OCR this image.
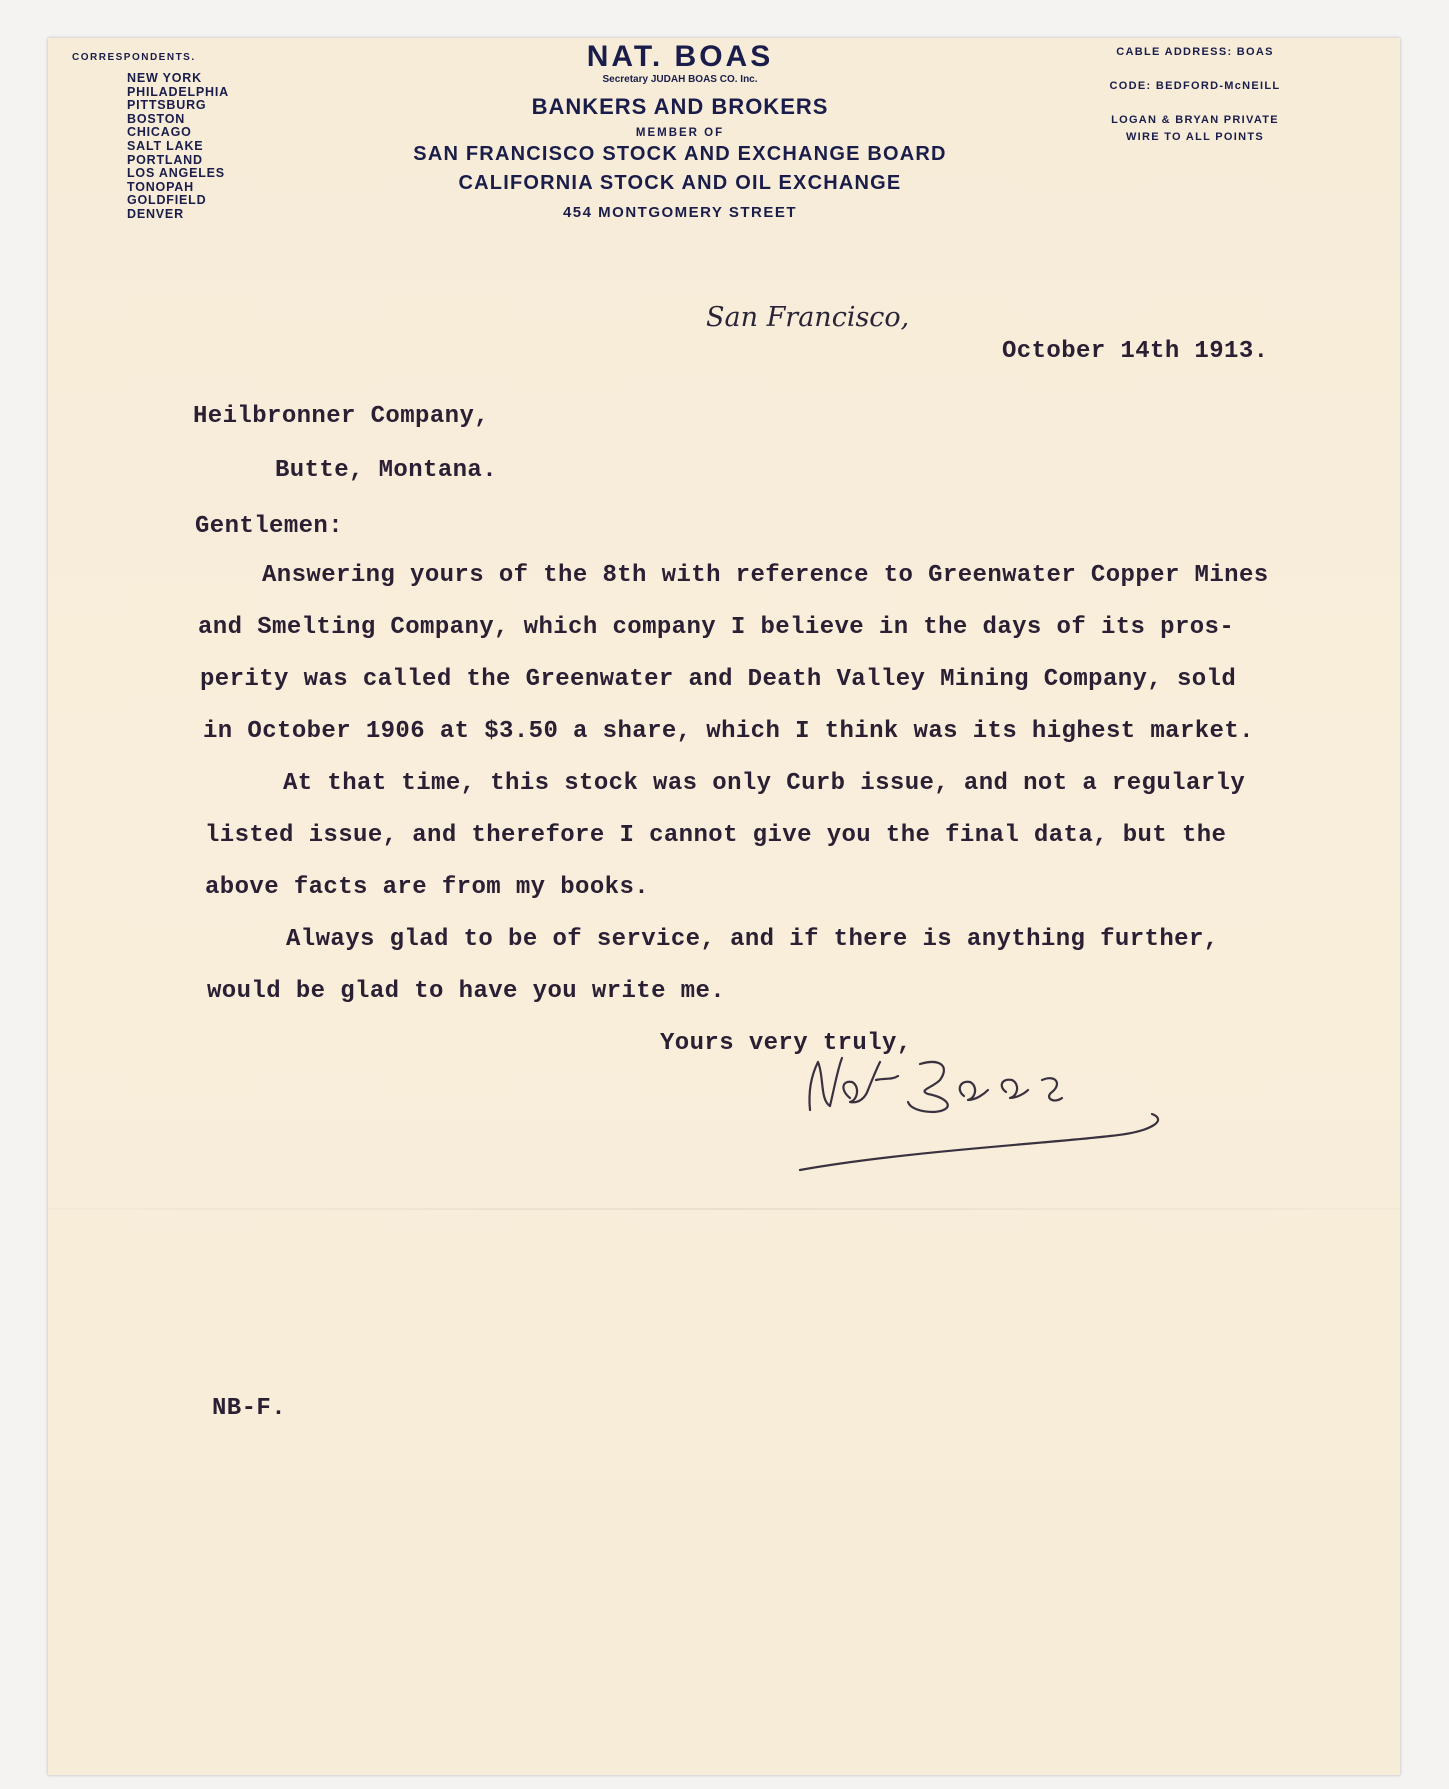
CORRESPONDENTS.
NEW YORK
PHILADELPHIA
PITTSBURG
BOSTON
CHICAGO
SALT LAKE
PORTLAND
LOS ANGELES
TONOPAH
GOLDFIELD
DENVER
NAT. BOAS
Secretary JUDAH BOAS CO. Inc.
BANKERS AND BROKERS
MEMBER OF
SAN FRANCISCO STOCK AND EXCHANGE BOARD
CALIFORNIA STOCK AND OIL EXCHANGE
454 MONTGOMERY STREET
CABLE ADDRESS: BOAS
CODE: BEDFORD-McNEILL
LOGAN & BRYAN PRIVATE
WIRE TO ALL POINTS
San Francisco,
October 14th 1913.
Heilbronner Company,
Butte, Montana.
Gentlemen:
Answering yours of the 8th with reference to Greenwater Copper Mines
and Smelting Company, which company I believe in the days of its pros-
perity was called the Greenwater and Death Valley Mining Company, sold
in October 1906 at $3.50 a share, which I think was its highest market.
At that time, this stock was only Curb issue, and not a regularly
listed issue, and therefore I cannot give you the final data, but the
above facts are from my books.
Always glad to be of service, and if there is anything further,
would be glad to have you write me.
Yours very truly,
NB-F.
